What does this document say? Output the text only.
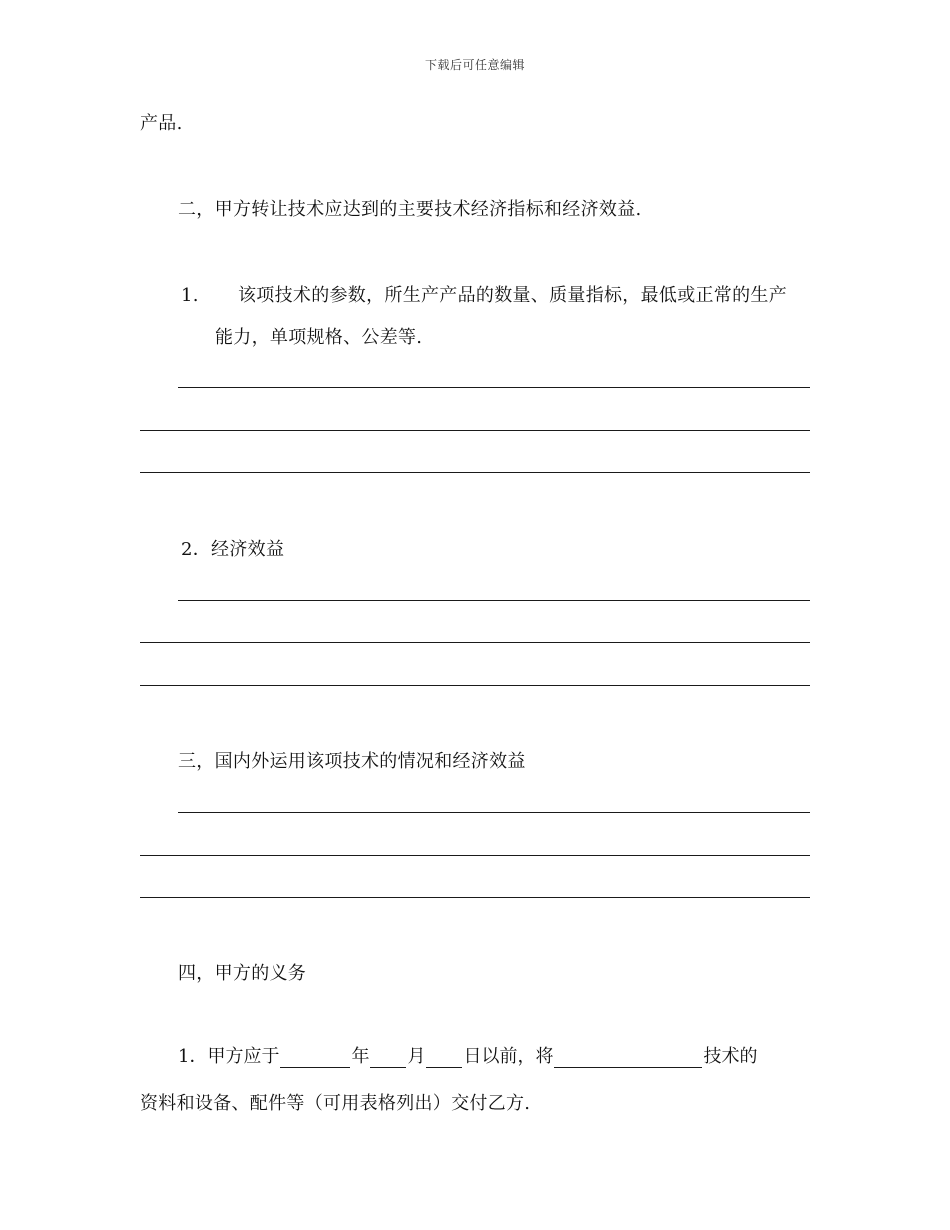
下载后可任意编辑
产品.
二，甲方转让技术应达到的主要技术经济指标和经济效益.
1. 该项技术的参数，所生产产品的数量、质量指标，最低或正常的生产
能力，单项规格、公差等.
2．经济效益
三，国内外运用该项技术的情况和经济效益
四，甲方的义务
1．甲方应于	年 月 日以前，将	技术的
资料和设备、配件等（可用表格列出）交付乙方.
